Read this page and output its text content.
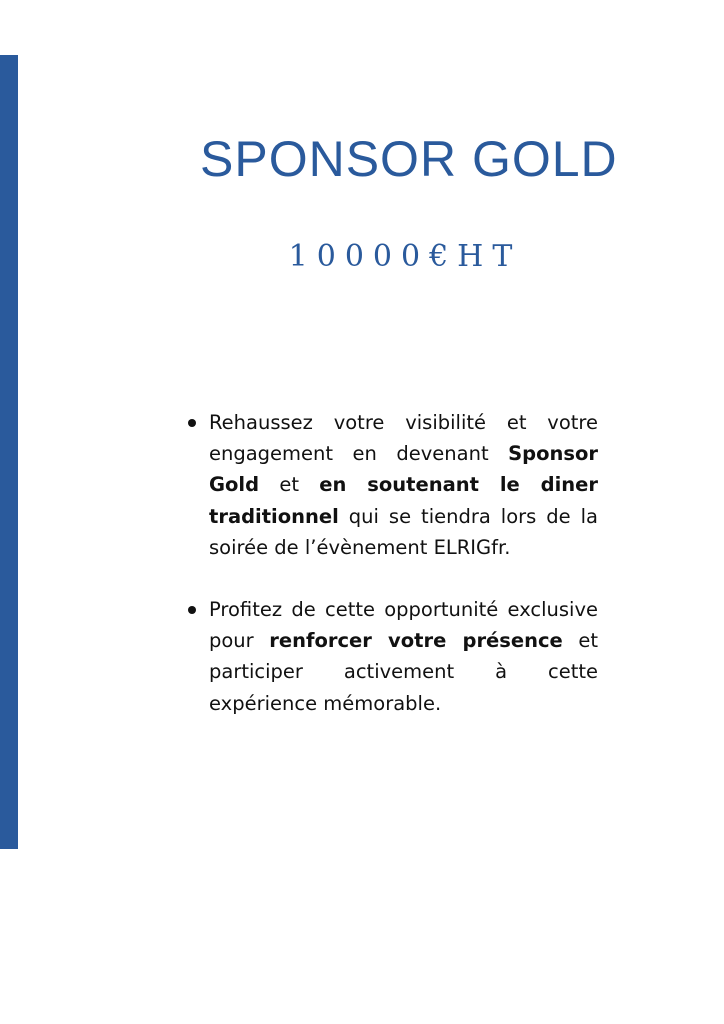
SPONSOR GOLD
10000€HT
Rehaussez votre visibilité et votre engagement en devenant Sponsor Gold et en soutenant le diner traditionnel qui se tiendra lors de la soirée de l’évènement ELRIGfr.
Profitez de cette opportunité exclusive pour renforcer votre présence et participer activement à cette expérience mémorable.
